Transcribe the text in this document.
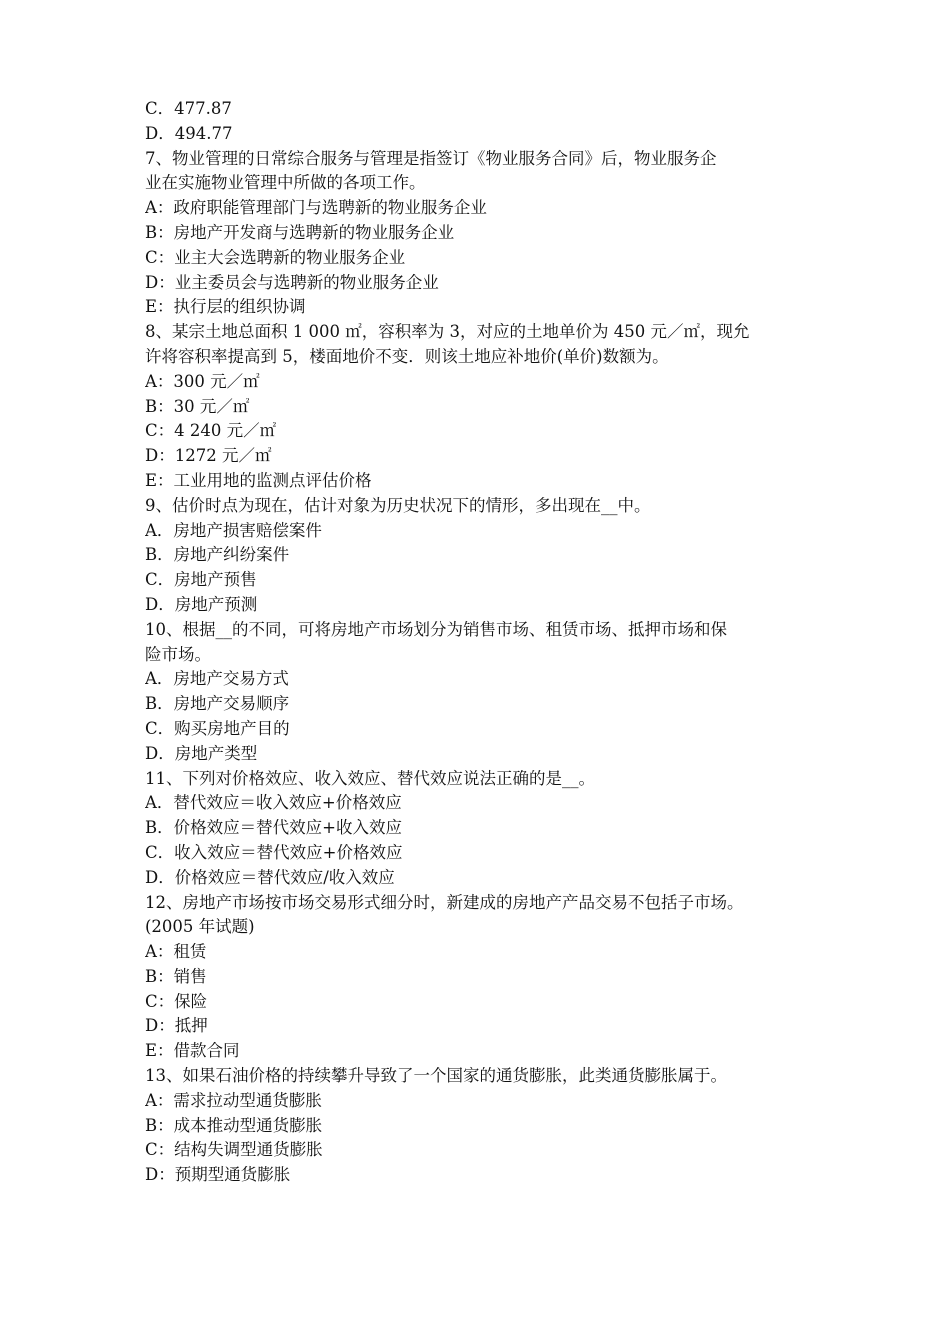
C．477.87
D．494.77
7、物业管理的日常综合服务与管理是指签订《物业服务合同》后，物业服务企
业在实施物业管理中所做的各项工作。
A：政府职能管理部门与选聘新的物业服务企业
B：房地产开发商与选聘新的物业服务企业
C：业主大会选聘新的物业服务企业
D：业主委员会与选聘新的物业服务企业
E：执行层的组织协调
8、某宗土地总面积 1 000 ㎡，容积率为 3，对应的土地单价为 450 元／㎡，现允
许将容积率提高到 5，楼面地价不变．则该土地应补地价(单价)数额为。
A：300 元／㎡
B：30 元／㎡
C：4 240 元／㎡
D：1272 元／㎡
E：工业用地的监测点评估价格
9、估价时点为现在，估计对象为历史状况下的情形，多出现在__中。
A．房地产损害赔偿案件
B．房地产纠纷案件
C．房地产预售
D．房地产预测
10、根据__的不同，可将房地产市场划分为销售市场、租赁市场、抵押市场和保
险市场。
A．房地产交易方式
B．房地产交易顺序
C．购买房地产目的
D．房地产类型
11、下列对价格效应、收入效应、替代效应说法正确的是__。
A．替代效应＝收入效应+价格效应
B．价格效应＝替代效应+收入效应
C．收入效应＝替代效应+价格效应
D．价格效应＝替代效应/收入效应
12、房地产市场按市场交易形式细分时，新建成的房地产产品交易不包括子市场。
(2005 年试题)
A：租赁
B：销售
C：保险
D：抵押
E：借款合同
13、如果石油价格的持续攀升导致了一个国家的通货膨胀，此类通货膨胀属于。
A：需求拉动型通货膨胀
B：成本推动型通货膨胀
C：结构失调型通货膨胀
D：预期型通货膨胀
